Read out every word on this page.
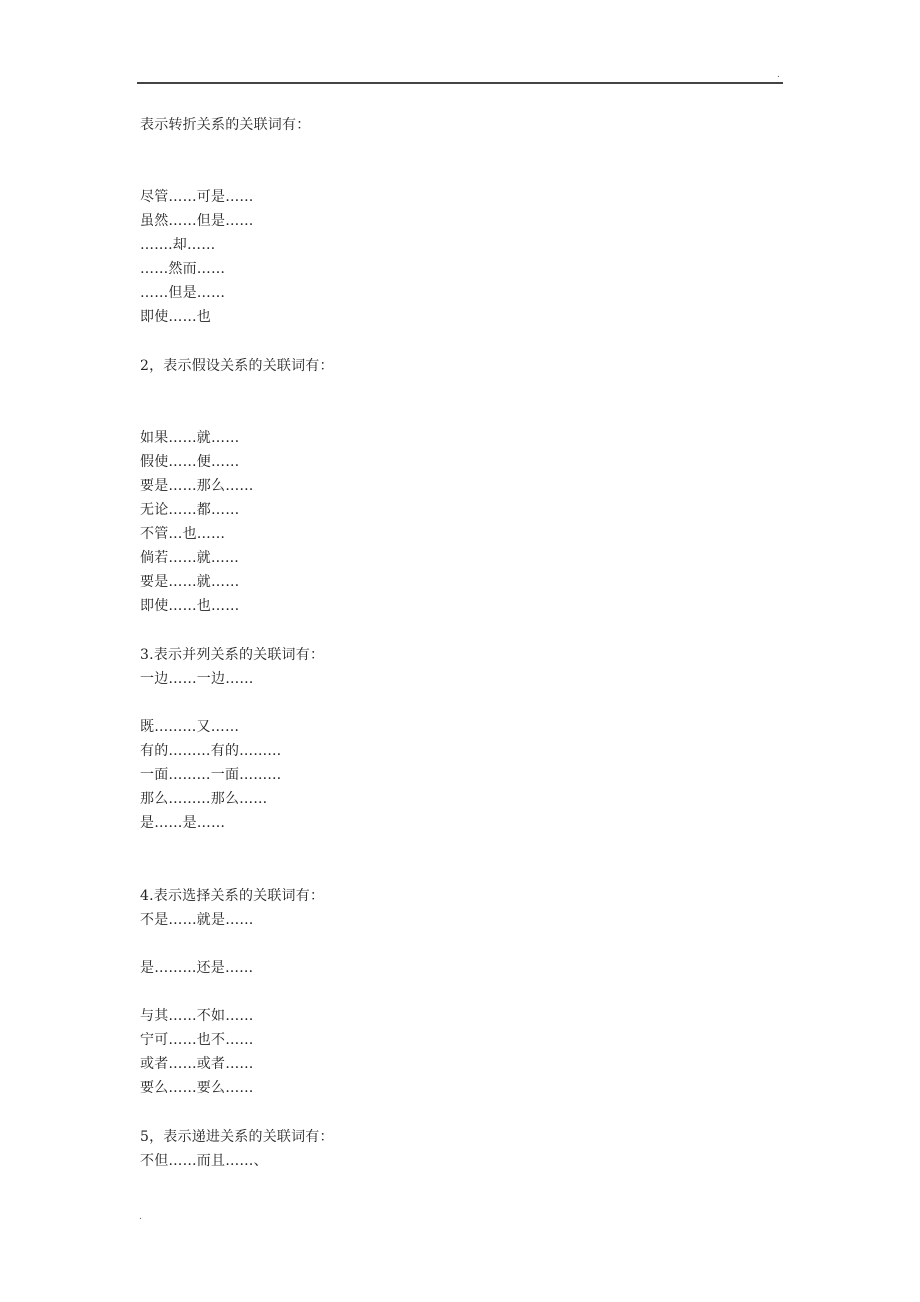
.
表示转折关系的关联词有：
尽管……可是……
虽然……但是……
…....却……
……然而……
……但是……
即使……也
2，表示假设关系的关联词有：
如果……就……
假使……便……
要是……那么……
无论……都……
不管…也……
倘若……就......
要是……就……
即使……也……
3.表示并列关系的关联词有：
一边……一边……
既…...…又……
有的…...…有的…...…
一面…...…一面…...…
那么…...…那么…...
是……是……
4.表示选择关系的关联词有：
不是……就是……
是……...还是……
与其……不如……
宁可……也不……
或者……或者……
要么……要么……
5，表示递进关系的关联词有：
不但……而且……、
.
